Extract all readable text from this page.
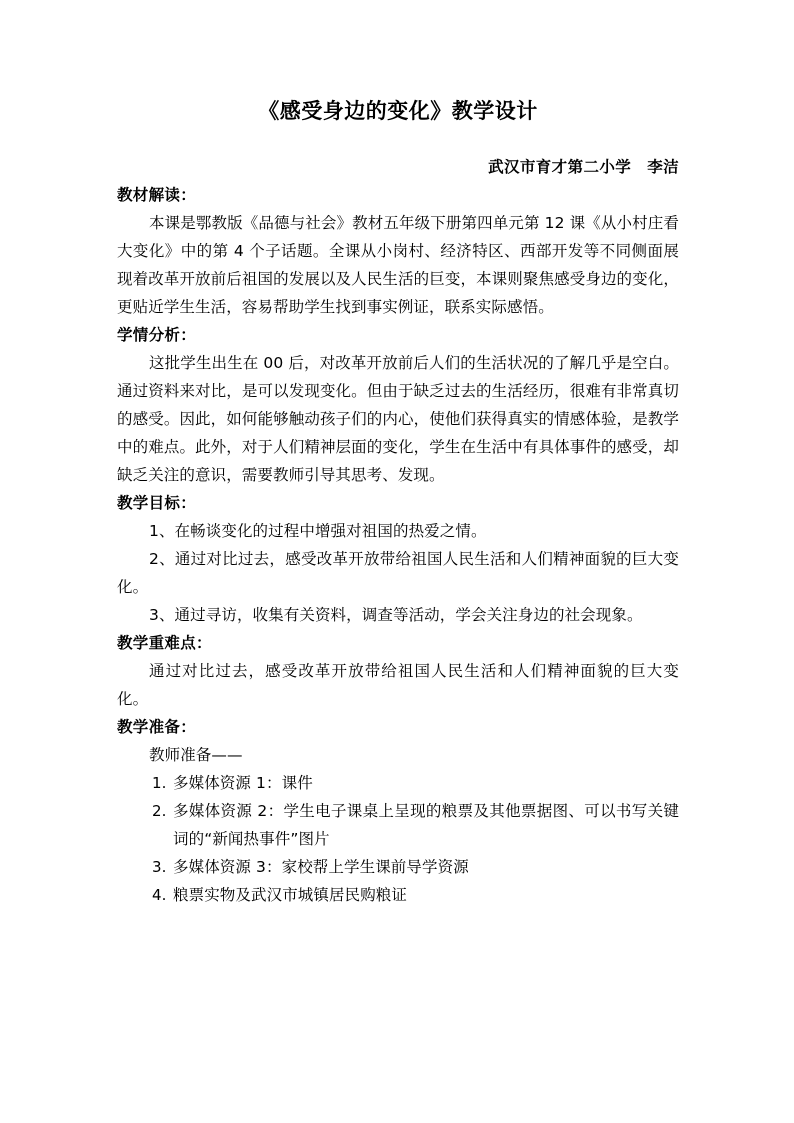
《感受身边的变化》教学设计
武汉市育才第二小学 李洁
教材解读：

本课是鄂教版《品德与社会》教材五年级下册第四单元第 12 课《从小村庄看大变化》中的第 4 个子话题。全课从小岗村、经济特区、西部开发等不同侧面展现着改革开放前后祖国的发展以及人民生活的巨变，本课则聚焦感受身边的变化，更贴近学生生活，容易帮助学生找到事实例证，联系实际感悟。

学情分析：

这批学生出生在 00 后，对改革开放前后人们的生活状况的了解几乎是空白。通过资料来对比，是可以发现变化。但由于缺乏过去的生活经历，很难有非常真切的感受。因此，如何能够触动孩子们的内心，使他们获得真实的情感体验，是教学中的难点。此外，对于人们精神层面的变化，学生在生活中有具体事件的感受，却缺乏关注的意识，需要教师引导其思考、发现。

教学目标：

1、在畅谈变化的过程中增强对祖国的热爱之情。

2、通过对比过去，感受改革开放带给祖国人民生活和人们精神面貌的巨大变化。

3、通过寻访，收集有关资料，调查等活动，学会关注身边的社会现象。

教学重难点：

通过对比过去，感受改革开放带给祖国人民生活和人们精神面貌的巨大变化。

教学准备：

教师准备——

1. 多媒体资源 1：课件
2. 多媒体资源 2：学生电子课桌上呈现的粮票及其他票据图、可以书写关键词的“新闻热事件”图片
3. 多媒体资源 3：家校帮上学生课前导学资源
4. 粮票实物及武汉市城镇居民购粮证
